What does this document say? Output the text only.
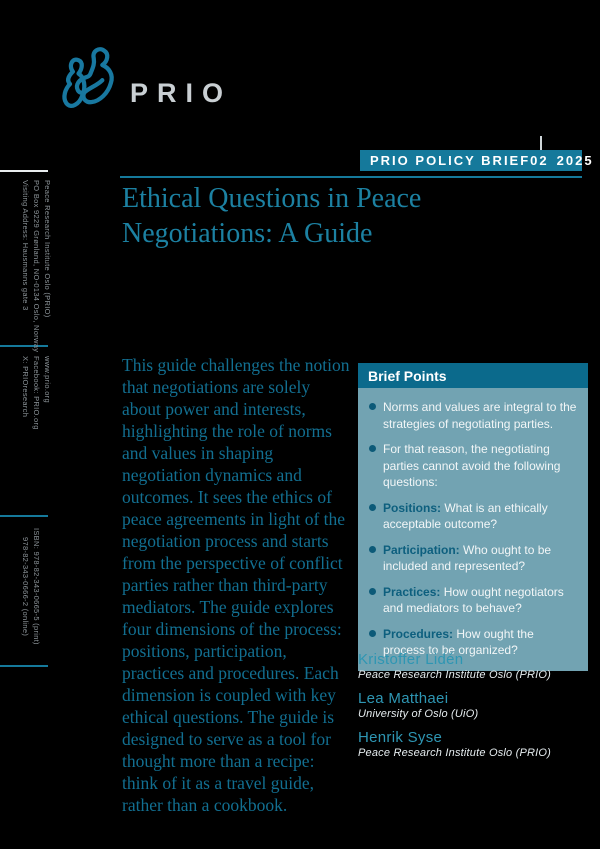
PRIO
PRIO POLICY BRIEF 02 2025
Ethical Questions in Peace
Negotiations: A Guide
Peace Research Institute Oslo (PRIO)
PO Box 9229 Grønland, NO-0134 Oslo, Norway
Visiting Address: Hausmanns gate 3
www.prio.org
Facebook: PRIO.org
X: PRIOresearch
ISBN: 978-82-343-0665-5 (print)
978-82-343-0666-2 (online)
This guide challenges the notion that negotiations are solely about power and interests, highlighting the role of norms and values in shaping negotiation dynamics and outcomes. It sees the ethics of peace agreements in light of the negotiation process and starts from the perspective of conflict parties rather than third-party mediators. The guide explores four dimensions of the process: positions, participation, practices and procedures. Each dimension is coupled with key ethical questions. The guide is designed to serve as a tool for thought more than a recipe: think of it as a travel guide, rather than a cookbook.
Brief Points
Norms and values are integral to the strategies of negotiating parties.
For that reason, the negotiating parties cannot avoid the following questions:
Positions: What is an ethically acceptable outcome?
Participation: Who ought to be included and represented?
Practices: How ought negotiators and mediators to behave?
Procedures: How ought the process to be organized?
Kristoffer Lidén
Peace Research Institute Oslo (PRIO)
Lea Matthaei
University of Oslo (UiO)
Henrik Syse
Peace Research Institute Oslo (PRIO)
